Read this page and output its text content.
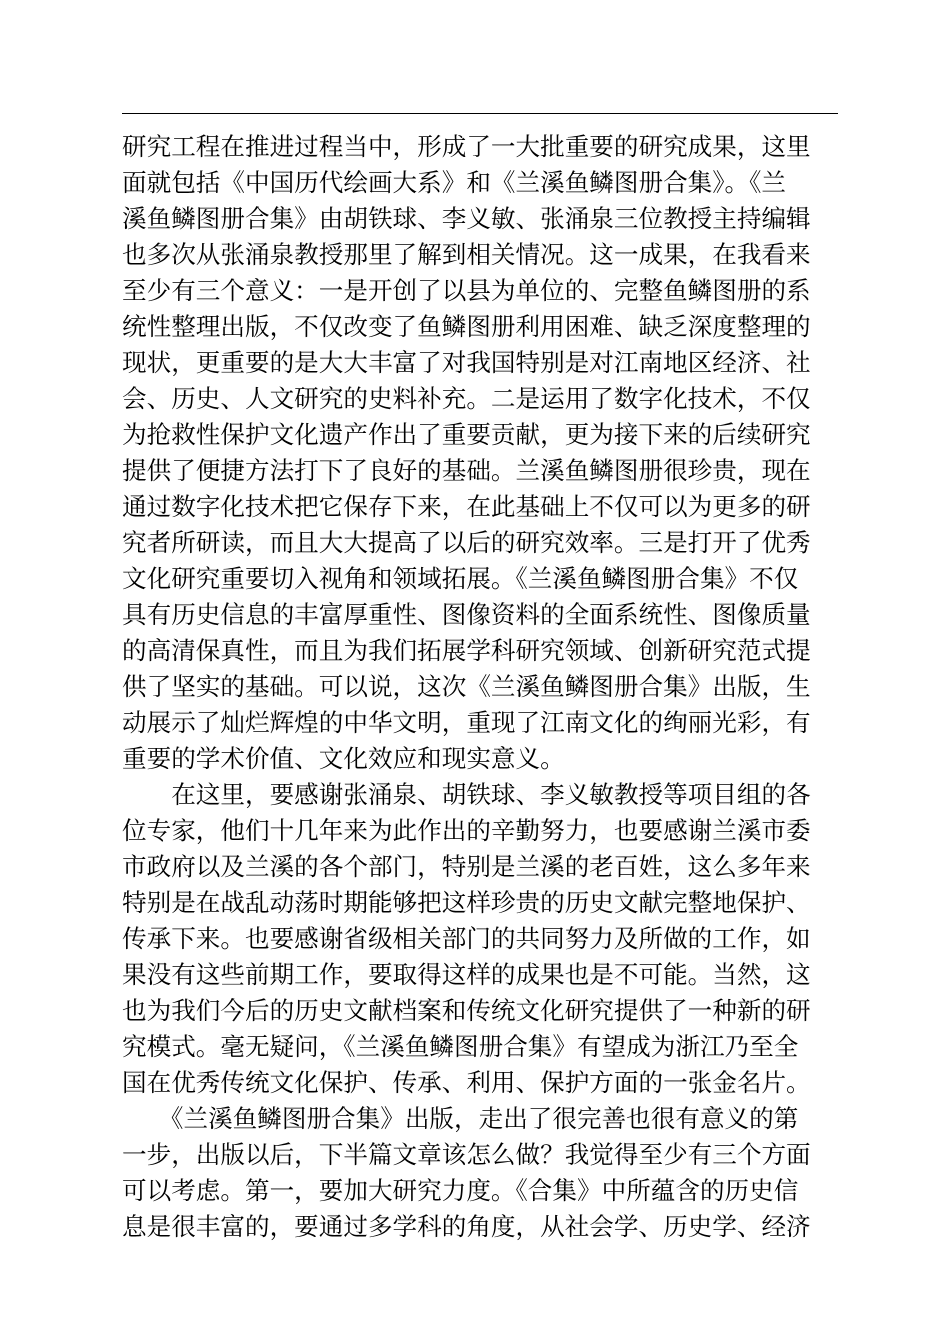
研究工程在推进过程当中，形成了一大批重要的研究成果，这里
面就包括《中国历代绘画大系》和《兰溪鱼鳞图册合集》。《兰
溪鱼鳞图册合集》由胡铁球、李义敏、张涌泉三位教授主持编辑
也多次从张涌泉教授那里了解到相关情况。这一成果，在我看来
至少有三个意义：一是开创了以县为单位的、完整鱼鳞图册的系
统性整理出版，不仅改变了鱼鳞图册利用困难、缺乏深度整理的
现状，更重要的是大大丰富了对我国特别是对江南地区经济、社
会、历史、人文研究的史料补充。二是运用了数字化技术，不仅
为抢救性保护文化遗产作出了重要贡献，更为接下来的后续研究
提供了便捷方法打下了良好的基础。兰溪鱼鳞图册很珍贵，现在
通过数字化技术把它保存下来，在此基础上不仅可以为更多的研
究者所研读，而且大大提高了以后的研究效率。三是打开了优秀
文化研究重要切入视角和领域拓展。《兰溪鱼鳞图册合集》不仅
具有历史信息的丰富厚重性、图像资料的全面系统性、图像质量
的高清保真性，而且为我们拓展学科研究领域、创新研究范式提
供了坚实的基础。可以说，这次《兰溪鱼鳞图册合集》出版，生
动展示了灿烂辉煌的中华文明，重现了江南文化的绚丽光彩，有
重要的学术价值、文化效应和现实意义。
　　在这里，要感谢张涌泉、胡铁球、李义敏教授等项目组的各
位专家，他们十几年来为此作出的辛勤努力，也要感谢兰溪市委
市政府以及兰溪的各个部门，特别是兰溪的老百姓，这么多年来
特别是在战乱动荡时期能够把这样珍贵的历史文献完整地保护、
传承下来。也要感谢省级相关部门的共同努力及所做的工作，如
果没有这些前期工作，要取得这样的成果也是不可能。当然，这
也为我们今后的历史文献档案和传统文化研究提供了一种新的研
究模式。毫无疑问，《兰溪鱼鳞图册合集》有望成为浙江乃至全
国在优秀传统文化保护、传承、利用、保护方面的一张金名片。
　　《兰溪鱼鳞图册合集》出版，走出了很完善也很有意义的第
一步，出版以后，下半篇文章该怎么做？我觉得至少有三个方面
可以考虑。第一，要加大研究力度。《合集》中所蕴含的历史信
息是很丰富的，要通过多学科的角度，从社会学、历史学、经济
